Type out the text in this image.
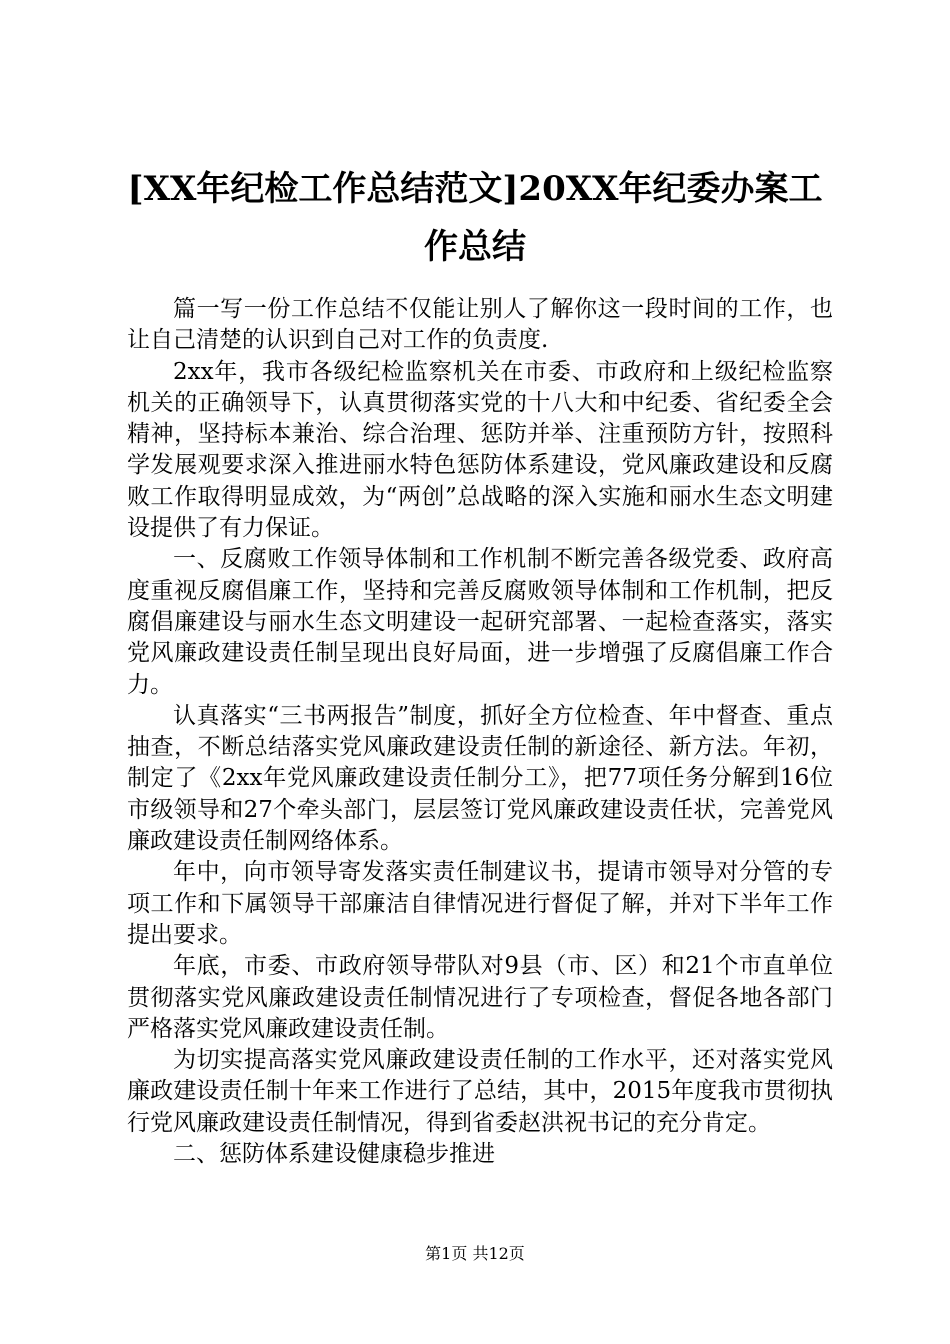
[XX年纪检工作总结范文]20XX年纪委办案工作总结

篇一写一份工作总结不仅能让别人了解你这一段时间的工作，也让自己清楚的认识到自己对工作的负责度.

2xx年，我市各级纪检监察机关在市委、市政府和上级纪检监察机关的正确领导下，认真贯彻落实党的十八大和中纪委、省纪委全会精神，坚持标本兼治、综合治理、惩防并举、注重预防方针，按照科学发展观要求深入推进丽水特色惩防体系建设，党风廉政建设和反腐败工作取得明显成效，为“两创”总战略的深入实施和丽水生态文明建设提供了有力保证。

一、反腐败工作领导体制和工作机制不断完善各级党委、政府高度重视反腐倡廉工作，坚持和完善反腐败领导体制和工作机制，把反腐倡廉建设与丽水生态文明建设一起研究部署、一起检查落实，落实党风廉政建设责任制呈现出良好局面，进一步增强了反腐倡廉工作合力。

认真落实“三书两报告”制度，抓好全方位检查、年中督查、重点抽查，不断总结落实党风廉政建设责任制的新途径、新方法。年初，制定了《2xx年党风廉政建设责任制分工》，把77项任务分解到16位市级领导和27个牵头部门，层层签订党风廉政建设责任状，完善党风廉政建设责任制网络体系。

年中，向市领导寄发落实责任制建议书，提请市领导对分管的专项工作和下属领导干部廉洁自律情况进行督促了解，并对下半年工作提出要求。

年底，市委、市政府领导带队对9县（市、区）和21个市直单位贯彻落实党风廉政建设责任制情况进行了专项检查，督促各地各部门严格落实党风廉政建设责任制。

为切实提高落实党风廉政建设责任制的工作水平，还对落实党风廉政建设责任制十年来工作进行了总结，其中，2015年度我市贯彻执行党风廉政建设责任制情况，得到省委赵洪祝书记的充分肯定。

二、惩防体系建设健康稳步推进

第1页 共12页
